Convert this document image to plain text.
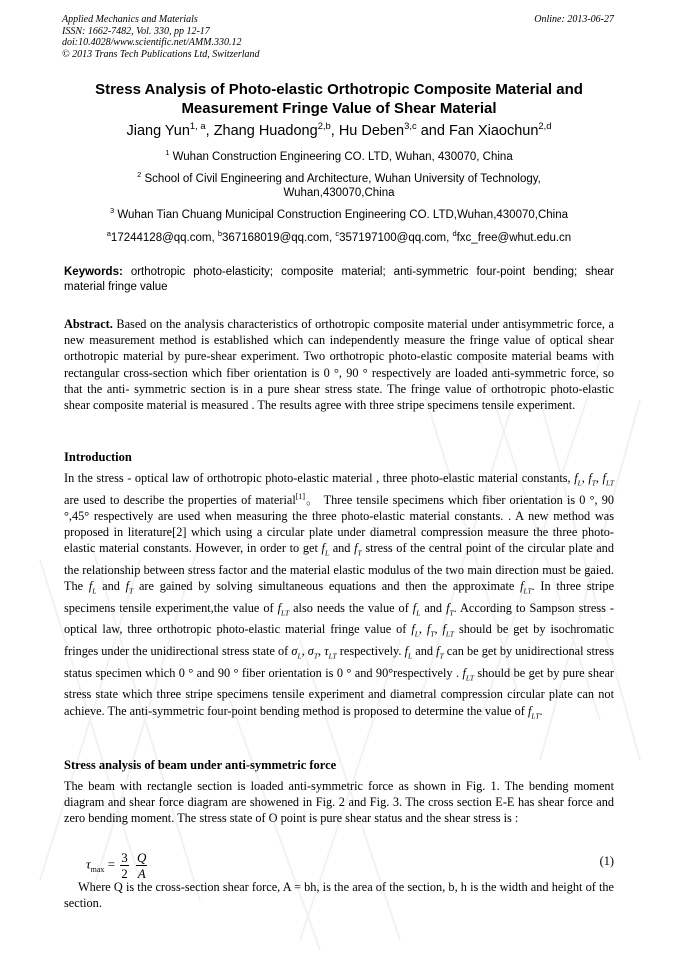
Applied Mechanics and Materials
ISSN: 1662-7482, Vol. 330, pp 12-17
doi:10.4028/www.scientific.net/AMM.330.12
© 2013 Trans Tech Publications Ltd, Switzerland
Online: 2013-06-27
Stress Analysis of Photo-elastic Orthotropic Composite Material and
Measurement Fringe Value of Shear Material
Jiang Yun$^{1, a}$, Zhang Huadong$^{2,b}$, Hu Deben$^{3,c}$ and Fan Xiaochun$^{2,d}$
$^1$ Wuhan Construction Engineering CO. LTD, Wuhan, 430070, China
$^2$ School of Civil Engineering and Architecture, Wuhan University of Technology,
Wuhan,430070,China
$^3$ Wuhan Tian Chuang Municipal Construction Engineering CO. LTD,Wuhan,430070,China
$^a$17244128@qq.com, $^b$367168019@qq.com, $^c$357197100@qq.com, $^d$fxc_free@whut.edu.cn
Keywords: orthotropic photo-elasticity; composite material; anti-symmetric four-point bending; shear material fringe value
Abstract. Based on the analysis characteristics of orthotropic composite material under antisymmetric force, a new measurement method is established which can independently measure the fringe value of optical shear orthotropic material by pure-shear experiment. Two orthotropic photo-elastic composite material beams with rectangular cross-section which fiber orientation is 0 °, 90 ° respectively are loaded anti-symmetric force, so that the anti- symmetric section is in a pure shear stress state. The fringe value of orthotropic photo-elastic shear composite material is measured . The results agree with three stripe specimens tensile experiment.
Introduction
In the stress - optical law of orthotropic photo-elastic material , three photo-elastic material constants, $f_L$, $f_T$, $f_{LT}$ are used to describe the properties of material[1]。 Three tensile specimens which fiber orientation is 0 °, 90 °,45° respectively are used when measuring the three photo-elastic material constants. . A new method was proposed in literature[2] which using a circular plate under diametral compression measure the three photo-elastic material constants. However, in order to get $f_L$ and $f_T$ stress of the central point of the circular plate and the relationship between stress factor and the material elastic modulus of the two main direction must be gaied. The $f_L$ and $f_T$ are gained by solving simultaneous equations and then the approximate $f_{LT}$. In three stripe specimens tensile experiment,the value of $f_{LT}$ also needs the value of $f_L$ and $f_T$. According to Sampson stress - optical law, three orthotropic photo-elastic material fringe value of $f_L$, $f_T$, $f_{LT}$ should be get by isochromatic fringes under the unidirectional stress state of $\sigma_L$, $\sigma_T$, $\tau_{LT}$ respectively. $f_L$ and $f_T$ can be get by unidirectional stress status specimen which 0 ° and 90 ° fiber orientation is 0 ° and 90°respectively . $f_{LT}$ should be get by pure shear stress state which three stripe specimens tensile experiment and diametral compression circular plate can not achieve. The anti-symmetric four-point bending method is proposed to determine the value of $f_{LT}$.
Stress analysis of beam under anti-symmetric force
The beam with rectangle section is loaded anti-symmetric force as shown in Fig. 1. The bending moment diagram and shear force diagram are showened in Fig. 2 and Fig. 3. The cross section E-E has shear force and zero bending moment. The stress state of O point is pure shear status and the shear stress is :
$\tau_{max} = \frac{3}{2}$
$\frac{Q}{A}$	(1)
Where Q is the cross-section shear force, A = bh, is the area of the section, b, h is the width and height of the section.
